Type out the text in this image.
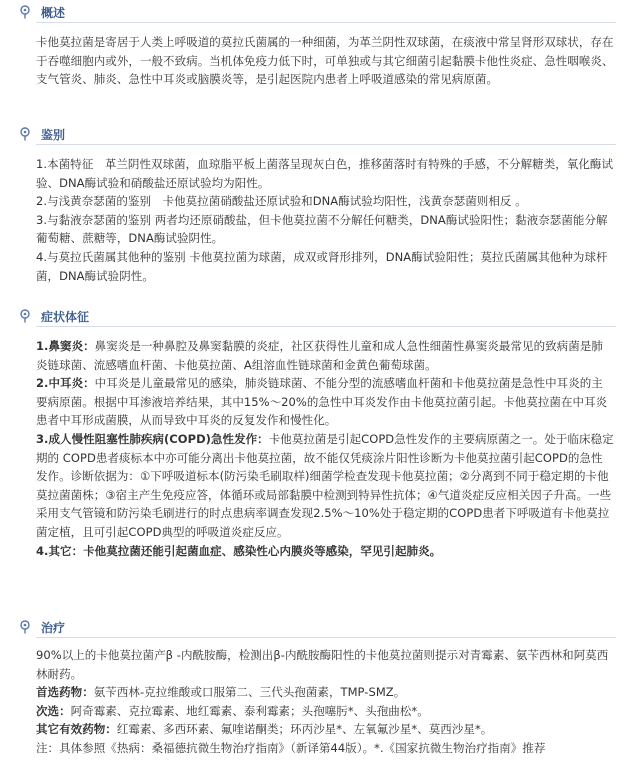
概述

卡他莫拉菌是寄居于人类上呼吸道的莫拉氏菌属的一种细菌，为革兰阴性双球菌，在痰液中常呈肾形双球状，存在于吞噬细胞内或外，一般不致病。当机体免疫力低下时，可单独或与其它细菌引起黏膜卡他性炎症、急性咽喉炎、支气管炎、肺炎、急性中耳炎或脑膜炎等，是引起医院内患者上呼吸道感染的常见病原菌。

鉴别

1.本菌特征　革兰阴性双球菌，血琼脂平板上菌落呈现灰白色，推移菌落时有特殊的手感，不分解糖类，氧化酶试验、DNA酶试验和硝酸盐还原试验均为阳性。

2.与浅黄奈瑟菌的鉴别　卡他莫拉菌硝酸盐还原试验和DNA酶试验均阳性，浅黄奈瑟菌则相反 。

3.与黏液奈瑟菌的鉴别 两者均还原硝酸盐，但卡他莫拉菌不分解任何糖类，DNA酶试验阳性；黏液奈瑟菌能分解葡萄糖、蔗糖等，DNA酶试验阴性。

4.与莫拉氏菌属其他种的鉴别 卡他莫拉菌为球菌，成双或肾形排列，DNA酶试验阳性；莫拉氏菌属其他种为球杆菌，DNA酶试验阴性。

症状体征

1.鼻窦炎：鼻窦炎是一种鼻腔及鼻窦黏膜的炎症，社区获得性儿童和成人急性细菌性鼻窦炎最常见的致病菌是肺炎链球菌、流感嗜血杆菌、卡他莫拉菌、A组溶血性链球菌和金黄色葡萄球菌。

2.中耳炎：中耳炎是儿童最常见的感染，肺炎链球菌、不能分型的流感嗜血杆菌和卡他莫拉菌是急性中耳炎的主要病原菌。根据中耳渗液培养结果，其中15%～20%的急性中耳炎发作由卡他莫拉菌引起。卡他莫拉菌在中耳炎患者中耳形成菌膜，从而导致中耳炎的反复发作和慢性化。

3.成人慢性阻塞性肺疾病(COPD)急性发作：卡他莫拉菌是引起COPD急性发作的主要病原菌之一。处于临床稳定期的 COPD患者痰标本中亦可能分离出卡他莫拉菌，故不能仅凭痰涂片阳性诊断为卡他莫拉菌引起COPD的急性发作。诊断依据为：①下呼吸道标本(防污染毛刷取样)细菌学检查发现卡他莫拉菌；②分离到不同于稳定期的卡他莫拉菌菌株；③宿主产生免疫应答，体循环或局部黏膜中检测到特异性抗体；④气道炎症反应相关因子升高。一些采用支气管镜和防污染毛刷进行的时点患病率调查发现2.5%～10%处于稳定期的COPD患者下呼吸道有卡他莫拉菌定植，且可引起COPD典型的呼吸道炎症反应。

4.其它：卡他莫拉菌还能引起菌血症、感染性心内膜炎等感染，罕见引起肺炎。

治疗

90%以上的卡他莫拉菌产β -内酰胺酶，检测出β-内酰胺酶阳性的卡他莫拉菌则提示对青霉素、氨苄西林和阿莫西林耐药。

首选药物：氨苄西林-克拉维酸或口服第二、三代头孢菌素，TMP-SMZ。

次选：阿奇霉素、克拉霉素、地红霉素、泰利霉素；头孢噻肟*、头孢曲松*。

其它有效药物：红霉素、多西环素、氟喹诺酮类；环丙沙星*、左氧氟沙星*、莫西沙星*。

注：具体参照《热病：桑福德抗微生物治疗指南》（新译第44版）。*.《国家抗微生物治疗指南》推荐
